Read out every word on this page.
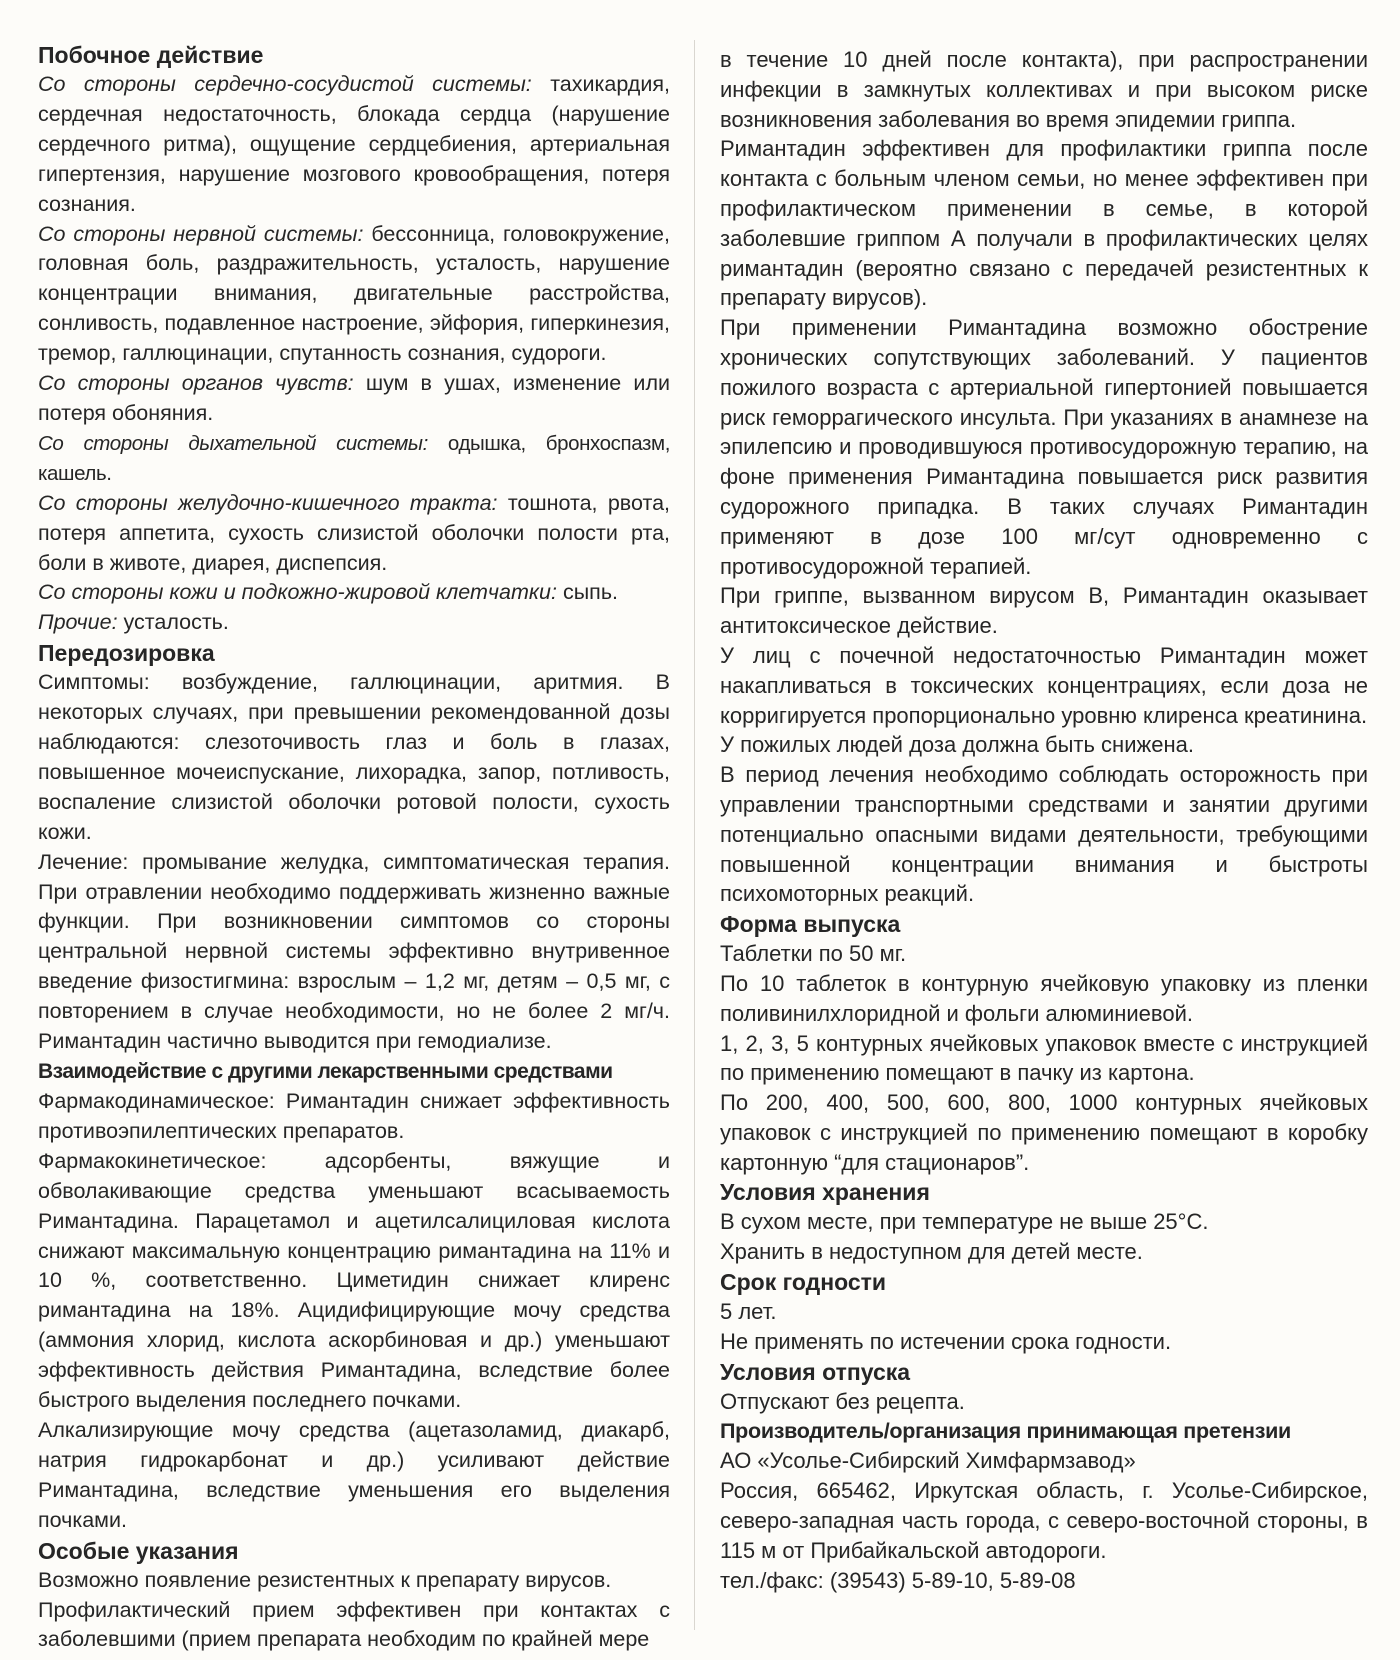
Побочное действие

Со стороны сердечно-сосудистой системы: тахикардия, сердечная недостаточность, блокада сердца (нарушение сердечного ритма), ощущение сердцебиения, артериальная гипертензия, нарушение мозгового кровообращения, потеря сознания.

Со стороны нервной системы: бессонница, головокружение, головная боль, раздражительность, усталость, нарушение концентрации внимания, двигательные расстройства, сонливость, подавленное настроение, эйфория, гиперкинезия, тремор, галлюцинации, спутанность сознания, судороги.

Со стороны органов чувств: шум в ушах, изменение или потеря обоняния.

Со стороны дыхательной системы: одышка, бронхоспазм, кашель.

Со стороны желудочно-кишечного тракта: тошнота, рвота, потеря аппетита, сухость слизистой оболочки полости рта, боли в животе, диарея, диспепсия.

Со стороны кожи и подкожно-жировой клетчатки: сыпь.

Прочие: усталость.

Передозировка

Симптомы: возбуждение, галлюцинации, аритмия. В некоторых случаях, при превышении рекомендованной дозы наблюдаются: слезоточивость глаз и боль в глазах, повышенное мочеиспускание, лихорадка, запор, потливость, воспаление слизистой оболочки ротовой полости, сухость кожи.

Лечение: промывание желудка, симптоматическая терапия. При отравлении необходимо поддерживать жизненно важные функции. При возникновении симптомов со стороны центральной нервной системы эффективно внутривенное введение физостигмина: взрослым – 1,2 мг, детям – 0,5 мг, с повторением в случае необходимости, но не более 2 мг/ч. Римантадин частично выводится при гемодиализе.

Взаимодействие с другими лекарственными средствами

Фармакодинамическое: Римантадин снижает эффективность противоэпилептических препаратов.

Фармакокинетическое: адсорбенты, вяжущие и обволакивающие средства уменьшают всасываемость Римантадина. Парацетамол и ацетилсалициловая кислота снижают максимальную концентрацию римантадина на 11% и 10 %, соответственно. Циметидин снижает клиренс римантадина на 18%. Ацидифицирующие мочу средства (аммония хлорид, кислота аскорбиновая и др.) уменьшают эффективность действия Римантадина, вследствие более быстрого выделения последнего почками.

Алкализирующие мочу средства (ацетазоламид, диакарб, натрия гидрокарбонат и др.) усиливают действие Римантадина, вследствие уменьшения его выделения почками.

Особые указания

Возможно появление резистентных к препарату вирусов.

Профилактический прием эффективен при контактах с заболевшими (прием препарата необходим по крайней мере

в течение 10 дней после контакта), при распространении инфекции в замкнутых коллективах и при высоком риске возникновения заболевания во время эпидемии гриппа.

Римантадин эффективен для профилактики гриппа после контакта с больным членом семьи, но менее эффективен при профилактическом применении в семье, в которой заболевшие гриппом А получали в профилактических целях римантадин (вероятно связано с передачей резистентных к препарату вирусов).

При применении Римантадина возможно обострение хронических сопутствующих заболеваний. У пациентов пожилого возраста с артериальной гипертонией повышается риск геморрагического инсульта. При указаниях в анамнезе на эпилепсию и проводившуюся противосудорожную терапию, на фоне применения Римантадина повышается риск развития судорожного припадка. В таких случаях Римантадин применяют в дозе 100 мг/сут одновременно с противосудорожной терапией.

При гриппе, вызванном вирусом В, Римантадин оказывает антитоксическое действие.

У лиц с почечной недостаточностью Римантадин может накапливаться в токсических концентрациях, если доза не корригируется пропорционально уровню клиренса креатинина.

У пожилых людей доза должна быть снижена.

В период лечения необходимо соблюдать осторожность при управлении транспортными средствами и занятии другими потенциально опасными видами деятельности, требующими повышенной концентрации внимания и быстроты психомоторных реакций.

Форма выпуска

Таблетки по 50 мг.

По 10 таблеток в контурную ячейковую упаковку из пленки поливинилхлоридной и фольги алюминиевой.

1, 2, 3, 5 контурных ячейковых упаковок вместе с инструкцией по применению помещают в пачку из картона.

По 200, 400, 500, 600, 800, 1000 контурных ячейковых упаковок с инструкцией по применению помещают в коробку картонную “для стационаров”.

Условия хранения

В сухом месте, при температуре не выше 25°С.

Хранить в недоступном для детей месте.

Срок годности

5 лет.

Не применять по истечении срока годности.

Условия отпуска

Отпускают без рецепта.

Производитель/организация принимающая претензии

АО «Усолье-Сибирский Химфармзавод»

Россия, 665462, Иркутская область, г. Усолье-Сибирское, северо-западная часть города, с северо-восточной стороны, в 115 м от Прибайкальской автодороги.

тел./факс: (39543) 5-89-10, 5-89-08
